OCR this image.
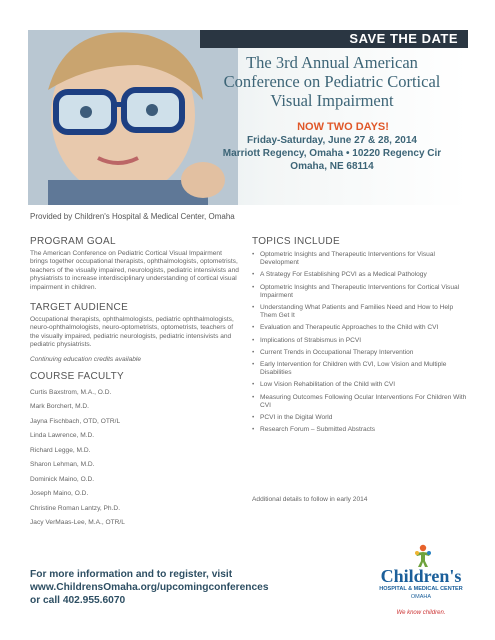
SAVE THE DATE
The 3rd Annual American
Conference on Pediatric Cortical
Visual Impairment
NOW TWO DAYS!
Friday-Saturday, June 27 & 28, 2014
Marriott Regency, Omaha • 10220 Regency Cir
Omaha, NE 68114
Provided by Children's Hospital & Medical Center, Omaha
PROGRAM GOAL
The American Conference on Pediatric Cortical Visual Impairment brings together occupational therapists, ophthalmologists, optometrists, teachers of the visually impaired, neurologists, pediatric intensivists and physiatrists to increase interdisciplinary understanding of cortical visual impairment in children.
TARGET AUDIENCE
Occupational therapists, ophthalmologists, pediatric ophthalmologists, neuro-ophthalmologists, neuro-optometrists, optometrists, teachers of the visually impaired, pediatric neurologists, pediatric intensivists and pediatric physiatrists.
Continuing education credits available
COURSE FACULTY
Curtis Baxstrom, M.A., O.D.
Mark Borchert, M.D.
Jayna Fischbach, OTD, OTR/L
Linda Lawrence, M.D.
Richard Legge, M.D.
Sharon Lehman, M.D.
Dominick Maino, O.D.
Joseph Maino, O.D.
Christine Roman Lantzy, Ph.D.
Jacy VerMaas-Lee, M.A., OTR/L
TOPICS INCLUDE
• Optometric Insights and Therapeutic Interventions for Visual Development
• A Strategy For Establishing PCVI as a Medical Pathology
• Optometric Insights and Therapeutic Interventions for Cortical Visual Impairment
• Understanding What Patients and Families Need and How to Help Them Get It
• Evaluation and Therapeutic Approaches to the Child with CVI
• Implications of Strabismus in PCVI
• Current Trends in Occupational Therapy Intervention
• Early Intervention for Children with CVI, Low Vision and Multiple Disabilities
• Low Vision Rehabilitation of the Child with CVI
• Measuring Outcomes Following Ocular Interventions For Children With CVI
• PCVI in the Digital World
• Research Forum – Submitted Abstracts
Additional details to follow in early 2014
For more information and to register, visit
www.ChildrensOmaha.org/upcomingconferences
or call 402.955.6070
Children's
HOSPITAL & MEDICAL CENTER
OMAHA
We know children.
